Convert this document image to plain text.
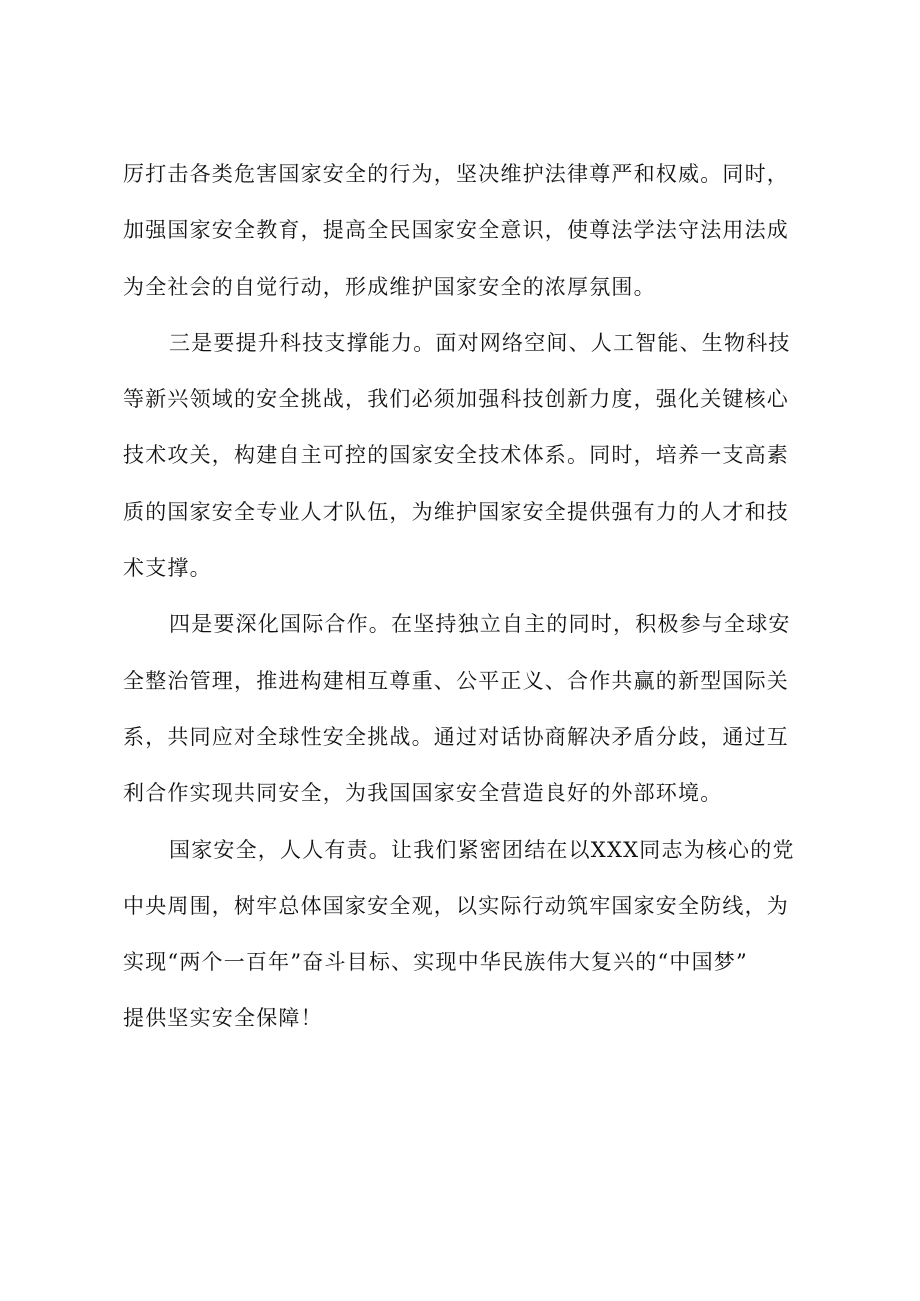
厉打击各类危害国家安全的行为，坚决维护法律尊严和权威。同时，
加强国家安全教育，提高全民国家安全意识，使尊法学法守法用法成
为全社会的自觉行动，形成维护国家安全的浓厚氛围。

三是要提升科技支撑能力。面对网络空间、人工智能、生物科技
等新兴领域的安全挑战，我们必须加强科技创新力度，强化关键核心
技术攻关，构建自主可控的国家安全技术体系。同时，培养一支高素
质的国家安全专业人才队伍，为维护国家安全提供强有力的人才和技
术支撑。

四是要深化国际合作。在坚持独立自主的同时，积极参与全球安
全整治管理，推进构建相互尊重、公平正义、合作共赢的新型国际关
系，共同应对全球性安全挑战。通过对话协商解决矛盾分歧，通过互
利合作实现共同安全，为我国国家安全营造良好的外部环境。

国家安全，人人有责。让我们紧密团结在以XXX同志为核心的党
中央周围，树牢总体国家安全观，以实际行动筑牢国家安全防线，为
实现“两个一百年”奋斗目标、实现中华民族伟大复兴的“中国梦”
提供坚实安全保障！
